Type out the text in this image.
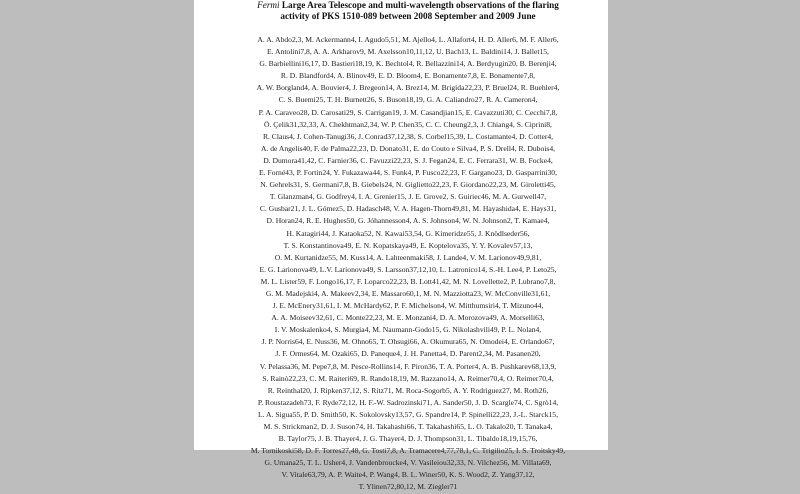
Fermi Large Area Telescope and multi-wavelength observations of the flaring
activity of PKS 1510-089 between 2008 September and 2009 June

A. A. Abdo2,3, M. Ackermann4, I. Agudo5,51, M. Ajello4, L. Allafort4, H. D. Aller6, M. F. Aller6,

E. Antolini7,8, A. A. Arkharov9, M. Axelsson10,11,12, U. Bach13, L. Baldini14, J. Ballet15,

G. Barbiellini16,17, D. Bastieri18,19, K. Bechtol4, R. Bellazzini14, A. Berdyugin20, B. Berenji4,

R. D. Blandford4, A. Blinov49, E. D. Bloom4, E. Bonamente7,8, E. Bonamente7,8,

A. W. Borgland4, A. Bouvier4, J. Bregeon14, A. Brez14, M. Brigida22,23, P. Bruel24, R. Buehler4,

C. S. Buemi25, T. H. Burnett26, S. Buson18,19, G. A. Caliandro27, R. A. Cameron4,

P. A. Caraveo28, D. Carosati29, S. Carrigan19, J. M. Casandjian15, E. Cavazzuti30, C. Cecchi7,8,

Ö. Çelik31,32,33, A. Chekhtman2,34, W. P. Chen35, C. C. Cheung2,3, J. Chiang4, S. Ciprini8,

R. Claus4, J. Cohen-Tanugi36, J. Conrad37,12,38, S. Corbel15,39, L. Costamante4, D. Cotter4,

A. de Angelis40, F. de Palma22,23, D. Donato31, E. do Couto e Silva4, P. S. Drell4, R. Dubois4,

D. Dumora41,42, C. Farnier36, C. Favuzzi22,23, S. J. Fegan24, E. C. Ferrara31, W. B. Focke4,

E. Forné43, P. Fortin24, Y. Fukazawa44, S. Funk4, P. Fusco22,23, F. Gargano23, D. Gasparrini30,

N. Gehrels31, S. Germani7,8, B. Giebels24, N. Giglietto22,23, F. Giordano22,23, M. Giroletti45,

T. Glanzman4, G. Godfrey4, I. A. Grenier15, J. E. Grove2, S. Guiriec46, M. A. Gurwell47,

C. Gusbar21, J. L. Gómez5, D. Hadasch48, V. A. Hagen-Thorn49,81, M. Hayashida4, E. Hays31,

D. Horan24, R. E. Hughes50, G. Jóhannesson4, A. S. Johnson4, W. N. Johnson2, T. Kamae4,

H. Katagiri44, J. Kataoka52, N. Kawai53,54, G. Kimeridze55, J. Knödlseder56,

T. S. Konstantinova49, E. N. Kopatskaya49, E. Koptelova35, Y. Y. Kovalev57,13,

O. M. Kurtanidze55, M. Kuss14, A. Lahteenmaki58, J. Lande4, V. M. Larionov49,9,81,

E. G. Larionova49, L.V. Larionova49, S. Larsson37,12,10, L. Latronico14, S.-H. Lee4, P. Leto25,

M. L. Lister59, F. Longo16,17, F. Loparco22,23, B. Lott41,42, M. N. Lovellette2, P. Lubrano7,8,

G. M. Madejski4, A. Makeev2,34, E. Massaro60,1, M. N. Mazziotta23, W. McConville31,61,

J. E. McEnery31,61, I. M. McHardy62, P. F. Michelson4, W. Mitthumsiri4, T. Mizuno44,

A. A. Moiseev32,61, C. Monte22,23, M. E. Monzani4, D. A. Morozova49, A. Morselli63,

I. V. Moskalenko4, S. Murgia4, M. Naumann-Godo15, G. Nikolashvili49, P. L. Nolan4,

J. P. Norris64, E. Nuss36, M. Ohno65, T. Ohsugi66, A. Okumura65, N. Omodei4, E. Orlando67,

J. F. Ormes64, M. Ozaki65, D. Paneque4, J. H. Panetta4, D. Parent2,34, M. Pasanen20,

V. Pelassa36, M. Pepe7,8, M. Pesce-Rollins14, F. Piron36, T. A. Porter4, A. B. Pushkarev68,13,9,

S. Rainò22,23, C. M. Raiteri69, R. Rando18,19, M. Razzano14, A. Reimer70,4, O. Reimer70,4,

R. Reinthal20, J. Ripken37,12, S. Ritz71, M. Roca-Sogorb5, A. Y. Rodriguez27, M. Roth26,

P. Roustazadeh73, F. Ryde72,12, H. F.-W. Sadrozinski71, A. Sander50, J. D. Scargle74, C. Sgrò14,

L. A. Sigua55, P. D. Smith50, K. Sokolovsky13,57, G. Spandre14, P. Spinelli22,23, J.-L. Starck15,

M. S. Strickman2, D. J. Suson74, H. Takahashi66, T. Takahashi65, L. O. Takalo20, T. Tanaka4,

B. Taylor75, J. B. Thayer4, J. G. Thayer4, D. J. Thompson31, L. Tibaldo18,19,15,76,

M. Tornikoski58, D. F. Torres27,48, G. Tosti7,8, A. Tramacere4,77,78,1, C. Trigilio25, I. S. Troitsky49,

G. Umana25, T. L. Usher4, J. Vandenbroucke4, V. Vasileiou32,33, N. Vilchez56, M. Villata69,

V. Vitale63,79, A. P. Waite4, P. Wang4, B. L. Winer50, K. S. Wood2, Z. Yang37,12,

T. Ylinen72,80,12, M. Ziegler71
